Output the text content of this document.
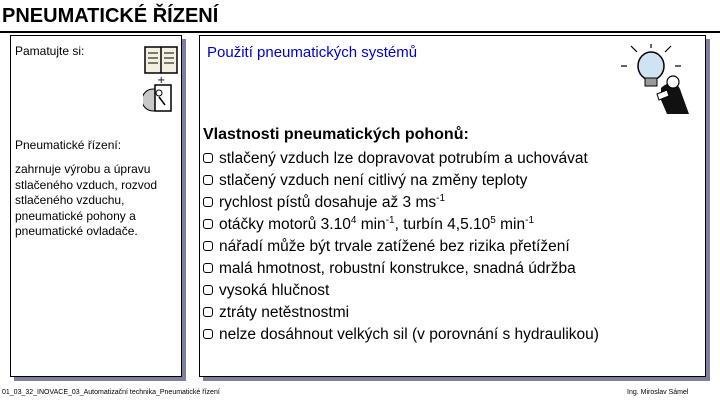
PNEUMATICKÉ ŘÍZENÍ
Pamatujte si:
Pneumatické řízení:
zahrnuje výrobu a úpravu stlačeného vzduch, rozvod stlačeného vzduchu, pneumatické pohony a pneumatické ovladače.
+
Použití pneumatických systémů
Vlastnosti pneumatických pohonů:
stlačený vzduch lze dopravovat potrubím a uchovávat
stlačený vzduch není citlivý na změny teploty
rychlost pístů dosahuje až 3 $ms^{-1}$
otáčky motorů 3.10$^4$ $\min^{-1}$, turbín 4,5.10$^5$ $\min^{-1}$
nářadí může být trvale zatížené bez rizika přetížení
malá hmotnost, robustní konstrukce, snadná údržba
vysoká hlučnost
ztráty netěstnostmi
nelze dosáhnout velkých sil (v porovnání s hydraulikou)
01_03_32_INOVACE_03_Automatizační technika_Pneumatické řízení	Ing. Miroslav Sámel
